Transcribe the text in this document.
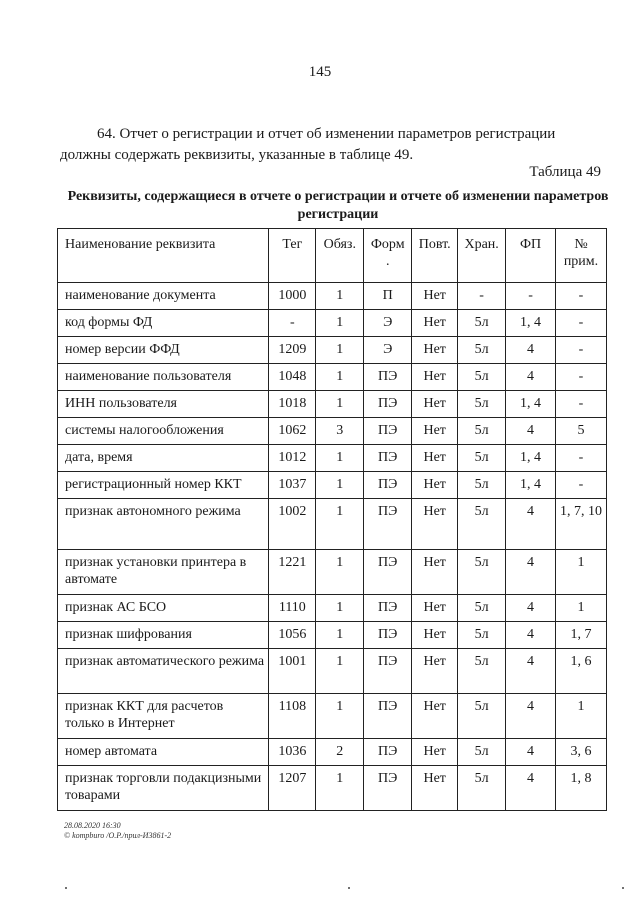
145
64. Отчет о регистрации и отчет об изменении параметров регистрации должны содержать реквизиты, указанные в таблице 49.
Таблица 49
Реквизиты, содержащиеся в отчете о регистрации и отчете об изменении параметров регистрации
Наименование реквизита	Тег	Обяз.	Форм .	Повт.	Хран.	ФП	№ прим.
наименование документа	1000	1	П	Нет	-	-	-
код формы ФД	-	1	Э	Нет	5л	1, 4	-
номер версии ФФД	1209	1	Э	Нет	5л	4	-
наименование пользователя	1048	1	ПЭ	Нет	5л	4	-
ИНН пользователя	1018	1	ПЭ	Нет	5л	1, 4	-
системы налогообложения	1062	3	ПЭ	Нет	5л	4	5
дата, время	1012	1	ПЭ	Нет	5л	1, 4	-
регистрационный номер ККТ	1037	1	ПЭ	Нет	5л	1, 4	-
признак автономного режима	1002	1	ПЭ	Нет	5л	4	1, 7, 10
признак установки принтера в автомате	1221	1	ПЭ	Нет	5л	4	1
признак АС БСО	1110	1	ПЭ	Нет	5л	4	1
признак шифрования	1056	1	ПЭ	Нет	5л	4	1, 7
признак автоматического режима	1001	1	ПЭ	Нет	5л	4	1, 6
признак ККТ для расчетов только в Интернет	1108	1	ПЭ	Нет	5л	4	1
номер автомата	1036	2	ПЭ	Нет	5л	4	3, 6
признак торговли подакцизными товарами	1207	1	ПЭ	Нет	5л	4	1, 8
28.08.2020 16:30
© kompburo /О.Р./прил-И3861-2
